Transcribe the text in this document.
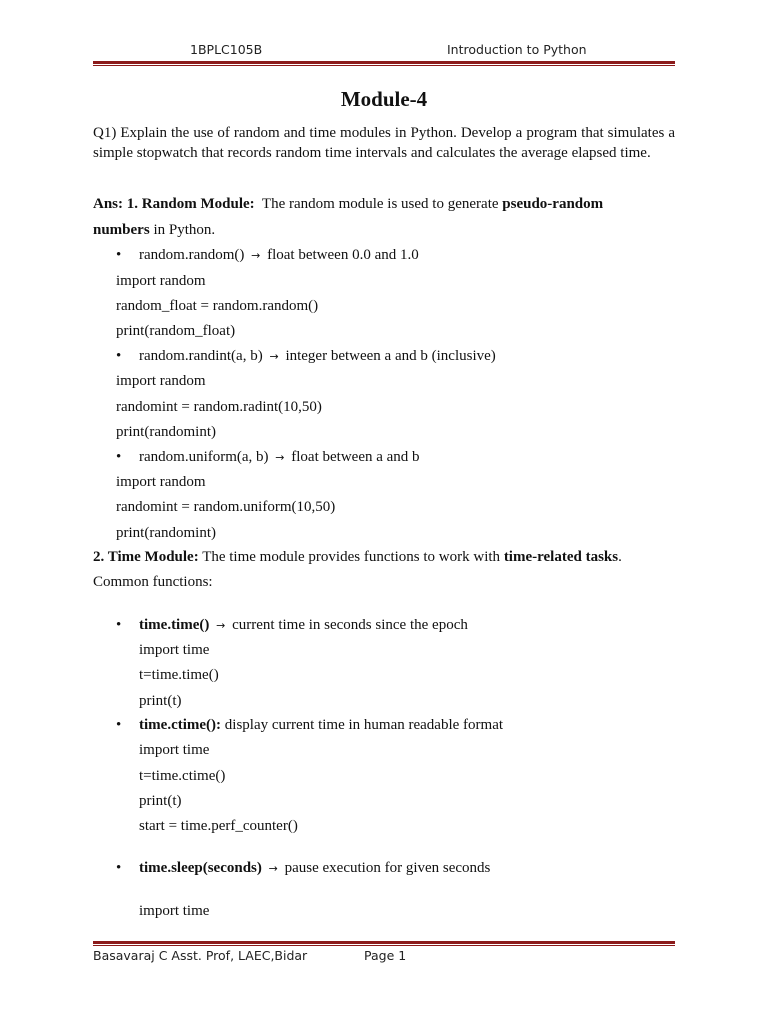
1BPLC105B	Introduction to Python
Module-4
Q1) Explain the use of random and time modules in Python. Develop a program that simulates a simple stopwatch that records random time intervals and calculates the average elapsed time.
Ans: 1. Random Module: The random module is used to generate pseudo-random
numbers in Python.
• random.random() → float between 0.0 and 1.0
import random
random_float = random.random()
print(random_float)
• random.randint(a, b) → integer between a and b (inclusive)
import random
randomint = random.radint(10,50)
print(randomint)
• random.uniform(a, b) → float between a and b
import random
randomint = random.uniform(10,50)
print(randomint)
2. Time Module: The time module provides functions to work with time-related tasks.
Common functions:
• time.time() → current time in seconds since the epoch
import time
t=time.time()
print(t)
• time.ctime(): display current time in human readable format
import time
t=time.ctime()
print(t)
start = time.perf_counter()
• time.sleep(seconds) → pause execution for given seconds
import time
Basavaraj C Asst. Prof, LAEC,Bidar	Page 1
